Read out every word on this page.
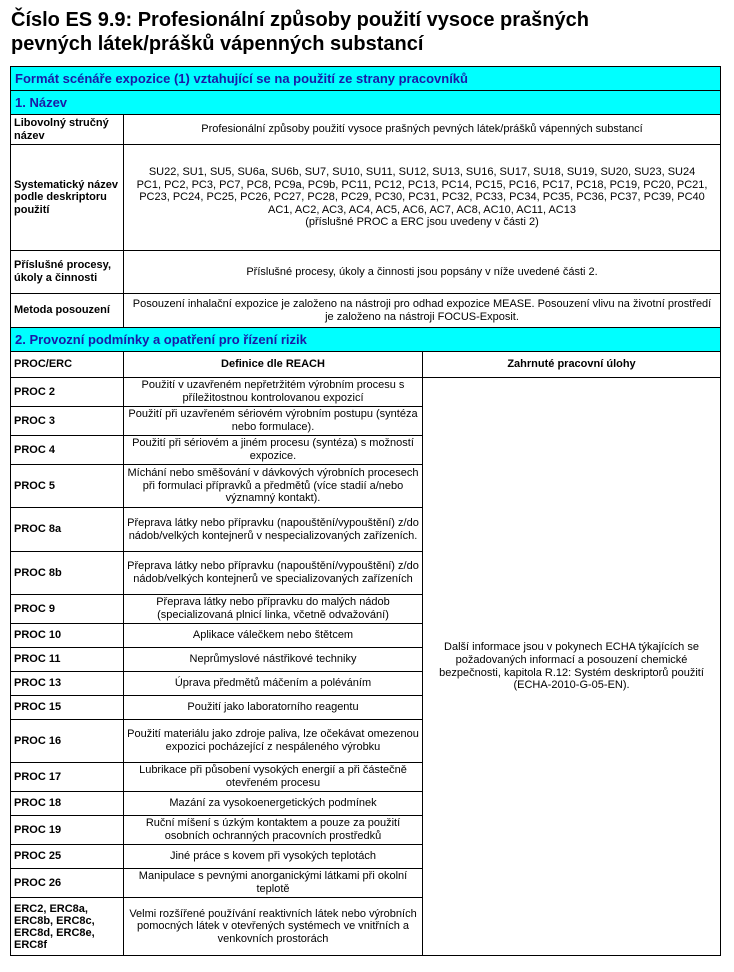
Číslo ES 9.9: Profesionální způsoby použití vysoce prašných
pevných látek/prášků vápenných substancí
Formát scénáře expozice (1) vztahující se na použití ze strany pracovníků		
1. Název		
Libovolný stručný název	Profesionální způsoby použití vysoce prašných pevných látek/prášků vápenných substancí	
Systematický název podle deskriptoru použití	SU22, SU1, SU5, SU6a, SU6b, SU7, SU10, SU11, SU12, SU13, SU16, SU17, SU18, SU19, SU20, SU23, SU24
PC1, PC2, PC3, PC7, PC8, PC9a, PC9b, PC11, PC12, PC13, PC14, PC15, PC16, PC17, PC18, PC19, PC20, PC21, PC23, PC24, PC25, PC26, PC27, PC28, PC29, PC30, PC31, PC32, PC33, PC34, PC35, PC36, PC37, PC39, PC40
AC1, AC2, AC3, AC4, AC5, AC6, AC7, AC8, AC10, AC11, AC13
(příslušné PROC a ERC jsou uvedeny v části 2)	

Příslušné procesy, úkoly a činnosti	Příslušné procesy, úkoly a činnosti jsou popsány v níže uvedené části 2.	
Metoda posouzení	Posouzení inhalační expozice je založeno na nástroji pro odhad expozice MEASE. Posouzení vlivu na životní prostředí je založeno na nástroji FOCUS-Exposit.	
2. Provozní podmínky a opatření pro řízení rizik		
PROC/ERC	Definice dle REACH	Zahrnuté pracovní úlohy
PROC 2	Použití v uzavřeném nepřetržitém výrobním procesu s příležitostnou kontrolovanou expozicí	Další informace jsou v pokynech ECHA týkajících se požadovaných informací a posouzení chemické bezpečnosti, kapitola R.12: Systém deskriptorů použití (ECHA-2010-G-05-EN).
PROC 3	Použití při uzavřeném sériovém výrobním postupu (syntéza nebo formulace).	
PROC 4	Použití při sériovém a jiném procesu (syntéza) s možností expozice.	
PROC 5	Míchání nebo směšování v dávkových výrobních procesech při formulaci přípravků a předmětů (více stadií a/nebo významný kontakt).	
PROC 8a	Přeprava látky nebo přípravku (napouštění/vypouštění) z/do nádob/velkých kontejnerů v nespecializovaných zařízeních.	
PROC 8b	Přeprava látky nebo přípravku (napouštění/vypouštění) z/do nádob/velkých kontejnerů ve specializovaných zařízeních	
PROC 9	Přeprava látky nebo přípravku do malých nádob (specializovaná plnicí linka, včetně odvažování)	
PROC 10	Aplikace válečkem nebo štětcem	
PROC 11	Neprůmyslové nástřikové techniky	
PROC 13	Úprava předmětů máčením a poléváním	
PROC 15	Použití jako laboratorního reagentu	
PROC 16	Použití materiálu jako zdroje paliva, lze očekávat omezenou expozici pocházející z nespáleného výrobku	
PROC 17	Lubrikace při působení vysokých energií a při částečně otevřeném procesu	
PROC 18	Mazání za vysokoenergetických podmínek	
PROC 19	Ruční míšení s úzkým kontaktem a pouze za použití osobních ochranných pracovních prostředků	
PROC 25	Jiné práce s kovem při vysokých teplotách	
PROC 26	Manipulace s pevnými anorganickými látkami při okolní teplotě	
ERC2, ERC8a, ERC8b, ERC8c, ERC8d, ERC8e, ERC8f	Velmi rozšířené používání reaktivních látek nebo výrobních pomocných látek v otevřených systémech ve vnitřních a venkovních prostorách	
